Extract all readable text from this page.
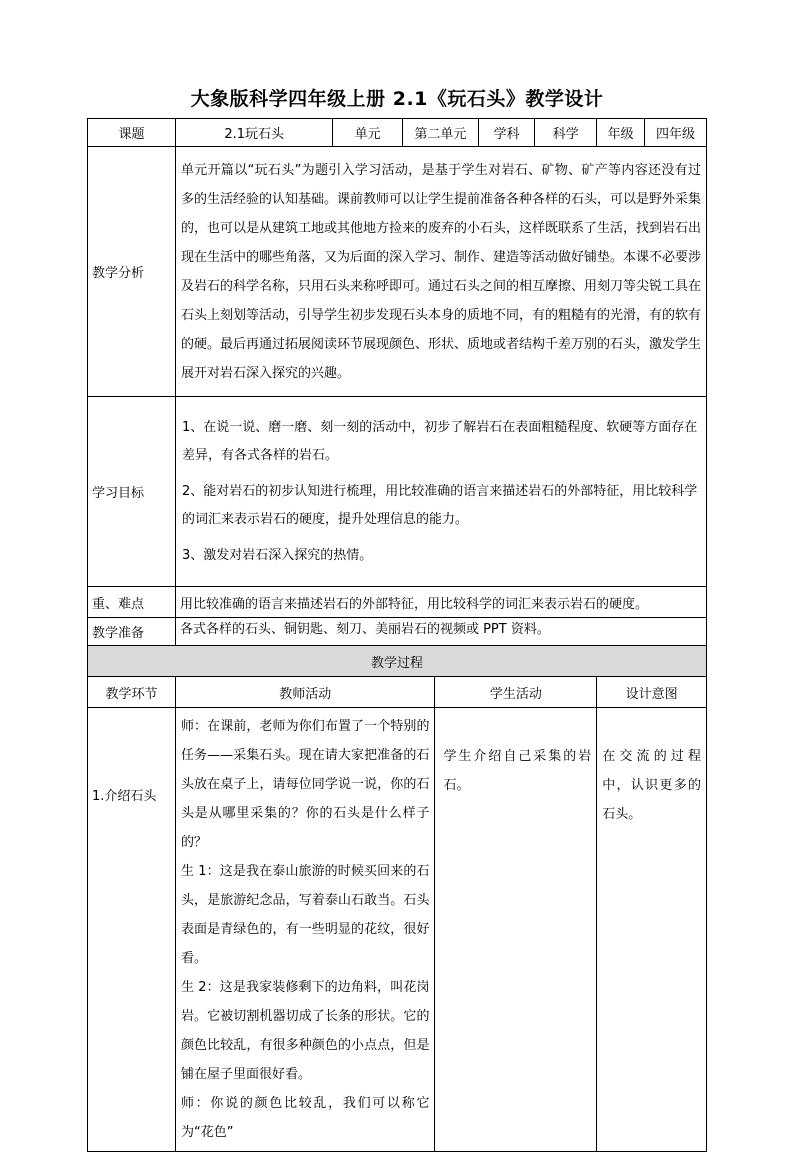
大象版科学四年级上册 2.1《玩石头》教学设计
课题	2.1玩石头	单元	第二单元		学科	科学	年级	四年级
教学分析	单元开篇以“玩石头”为题引入学习活动，是基于学生对岩石、矿物、矿产等内容还没有过多的生活经验的认知基础。课前教师可以让学生提前准备各种各样的石头，可以是野外采集的，也可以是从建筑工地或其他地方捡来的废弃的小石头，这样既联系了生活，找到岩石出现在生活中的哪些角落，又为后面的深入学习、制作、建造等活动做好铺垫。本课不必要涉及岩石的科学名称，只用石头来称呼即可。通过石头之间的相互摩擦、用刻刀等尖锐工具在石头上刻划等活动，引导学生初步发现石头本身的质地不同，有的粗糙有的光滑，有的软有的硬。最后再通过拓展阅读环节展现颜色、形状、质地或者结构千差万别的石头，激发学生展开对岩石深入探究的兴趣。							
学习目标	1、在说一说、磨一磨、刻一刻的活动中，初步了解岩石在表面粗糙程度、软硬等方面存在差异，有各式各样的岩石。

2、能对岩石的初步认知进行梳理，用比较准确的语言来描述岩石的外部特征，用比较科学的词汇来表示岩石的硬度，提升处理信息的能力。

3、激发对岩石深入探究的热情。							

重、难点	用比较准确的语言来描述岩石的外部特征，用比较科学的词汇来表示岩石的硬度。							
教学准备	各式各样的石头、铜钥匙、刻刀、美丽岩石的视频或 PPT 资料。							
教学过程								
教学环节	教师活动			学生活动			设计意图	
1.介绍石头	师：在课前，老师为你们布置了一个特别的任务——采集石头。现在请大家把准备的石头放在桌子上，请每位同学说一说，你的石头是从哪里采集的？你的石头是什么样子的？
生 1：这是我在泰山旅游的时候买回来的石头，是旅游纪念品，写着泰山石敢当。石头表面是青绿色的，有一些明显的花纹，很好看。
生 2：这是我家装修剩下的边角料，叫花岗岩。它被切割机器切成了长条的形状。它的颜色比较乱，有很多种颜色的小点点，但是铺在屋子里面很好看。
师：你说的颜色比较乱，我们可以称它为“花色”			学生介绍自己采集的岩石。			在交流的过程中，认识更多的石头。	
